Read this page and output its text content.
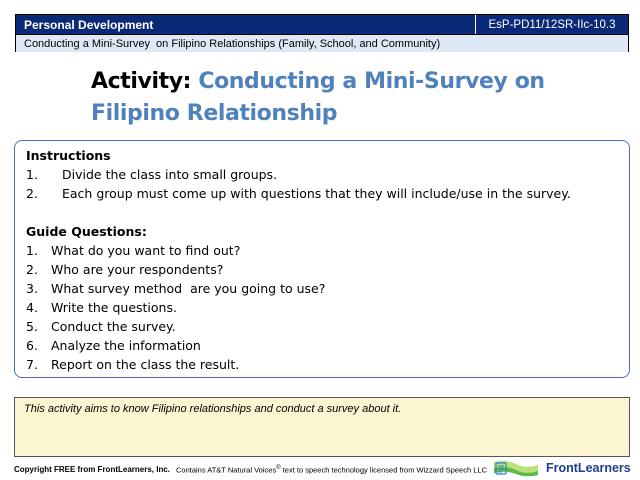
Personal Development	EsP-PD11/12SR-IIc-10.3
Conducting a Mini-Survey  on Filipino Relationships (Family, School, and Community)
Activity: Conducting a Mini-Survey on Filipino Relationship
Instructions
1.	Divide the class into small groups.
2.	Each group must come up with questions that they will include/use in the survey.
Guide Questions:
1.	What do you want to find out?
2.	Who are your respondents?
3.	What survey method  are you going to use?
4.	Write the questions.
5.	Conduct the survey.
6.	Analyze the information
7.	Report on the class the result.
This activity aims to know Filipino relationships and conduct a survey about it.
Copyright FREE from FrontLearners, Inc. Contains AT&T Natural Voices® text to speech technology licensed from Wizzard Speech LLC	FrontLearners
